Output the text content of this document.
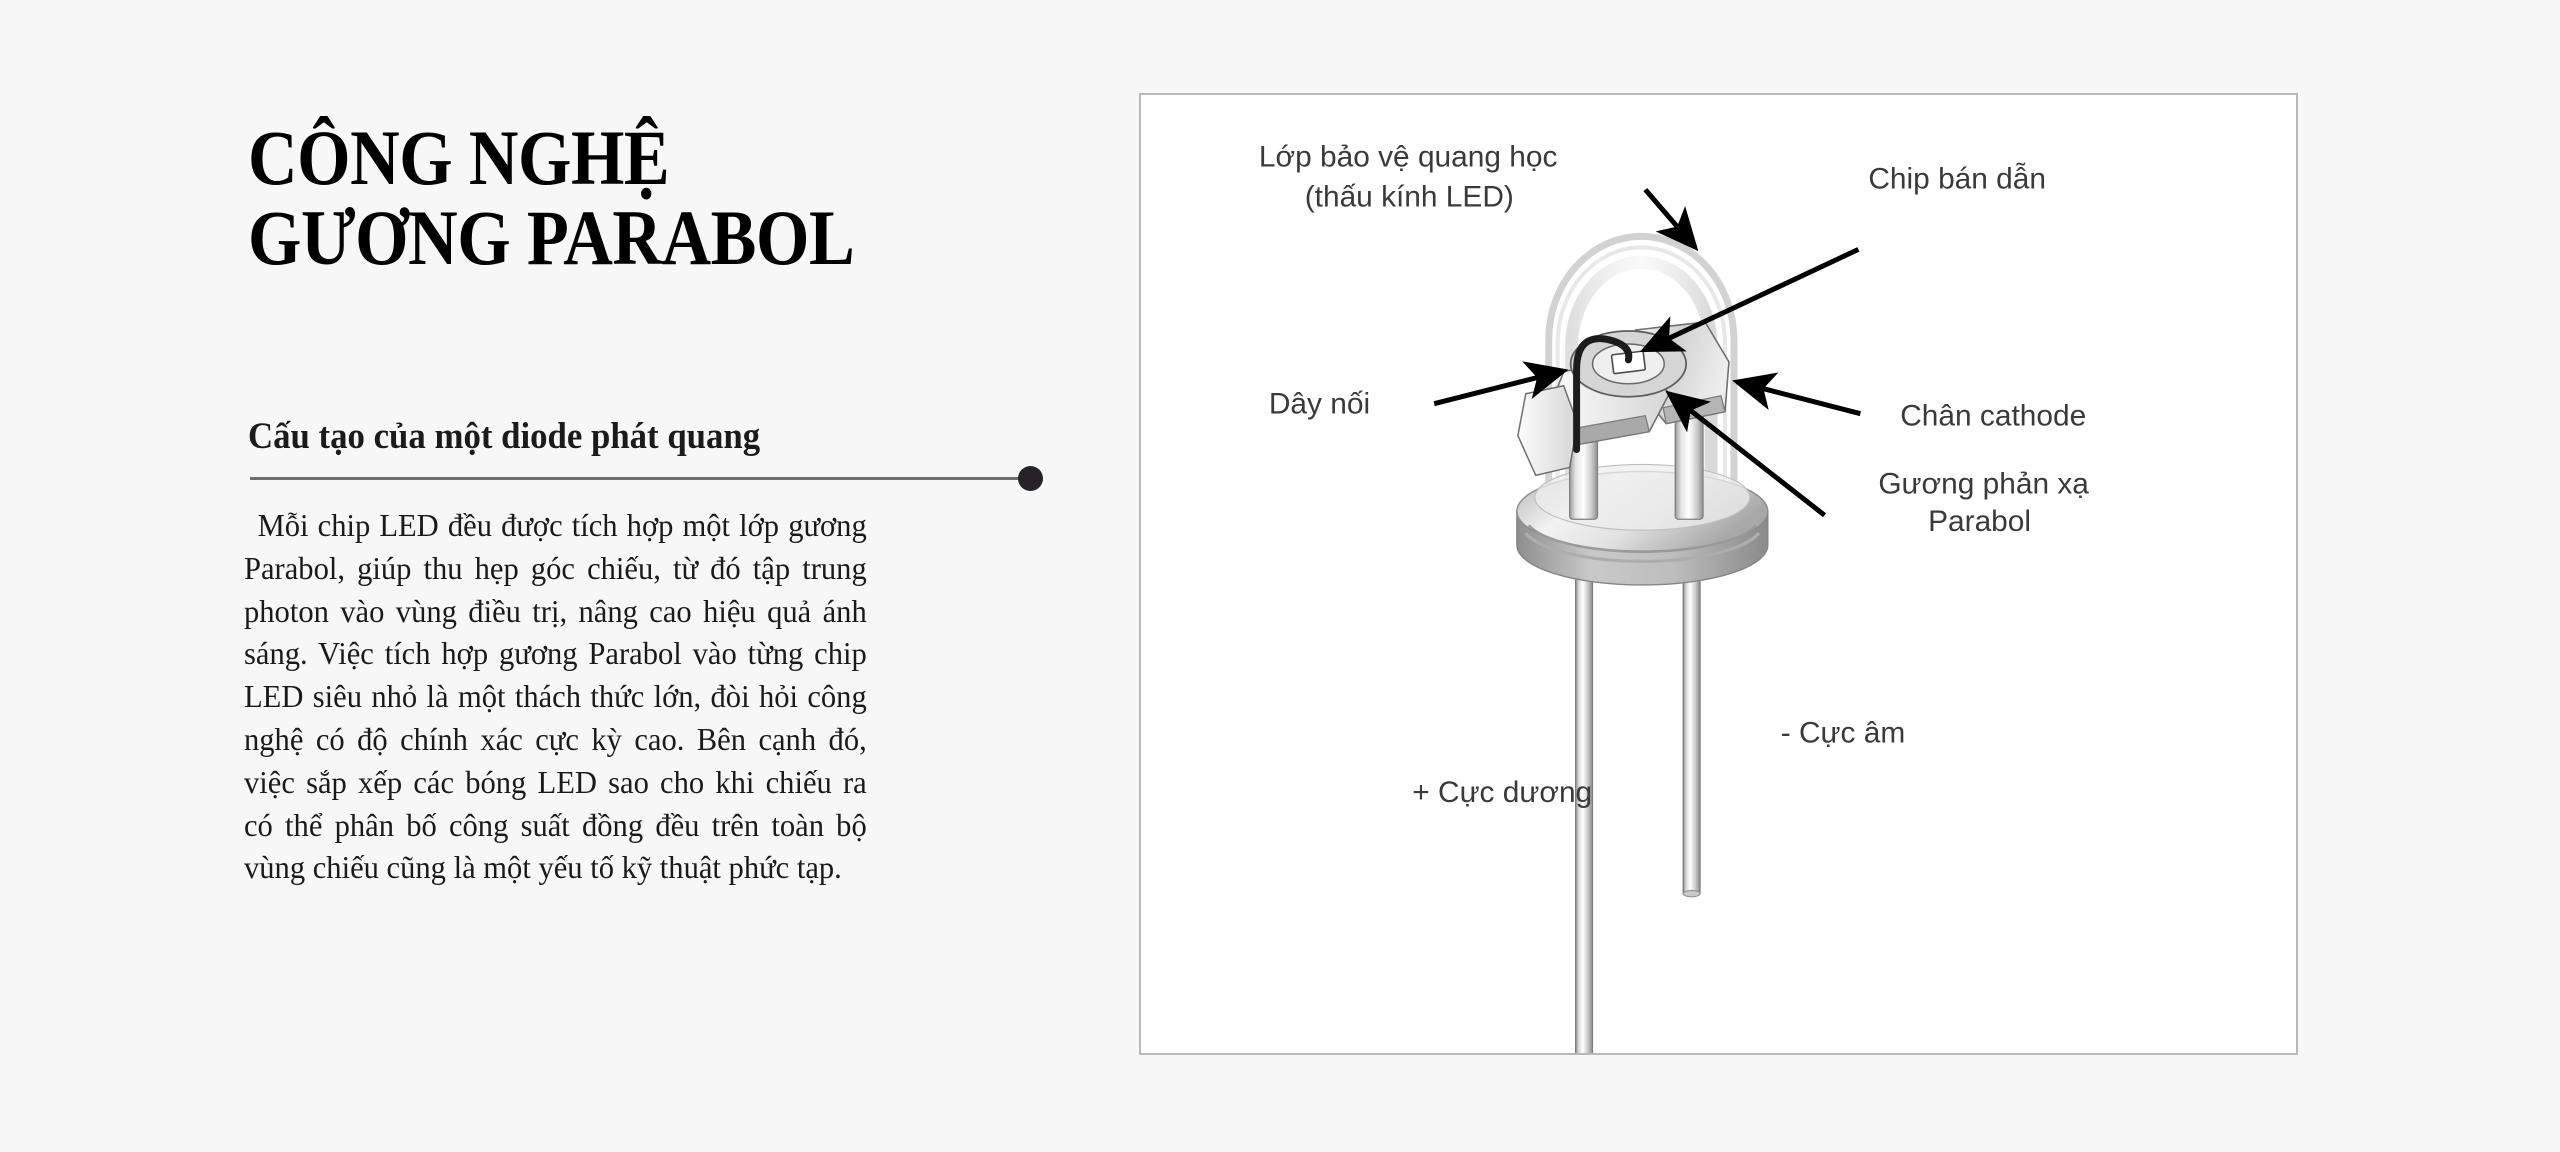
CÔNG NGHỆ
GƯƠNG PARABOL
Cấu tạo của một diode phát quang
Mỗi chip LED đều được tích hợp một lớp gương Parabol, giúp thu hẹp góc chiếu, từ đó tập trung photon vào vùng điều trị, nâng cao hiệu quả ánh sáng. Việc tích hợp gương Parabol vào từng chip LED siêu nhỏ là một thách thức lớn, đòi hỏi công nghệ có độ chính xác cực kỳ cao. Bên cạnh đó, việc sắp xếp các bóng LED sao cho khi chiếu ra có thể phân bố công suất đồng đều trên toàn bộ vùng chiếu cũng là một yếu tố kỹ thuật phức tạp.
Lớp bảo vệ quang học
(thấu kính LED)
Chip bán dẫn
Dây nối	Chân cathode
Gương phản xạ
Parabol
- Cực âm
+ Cực dương
